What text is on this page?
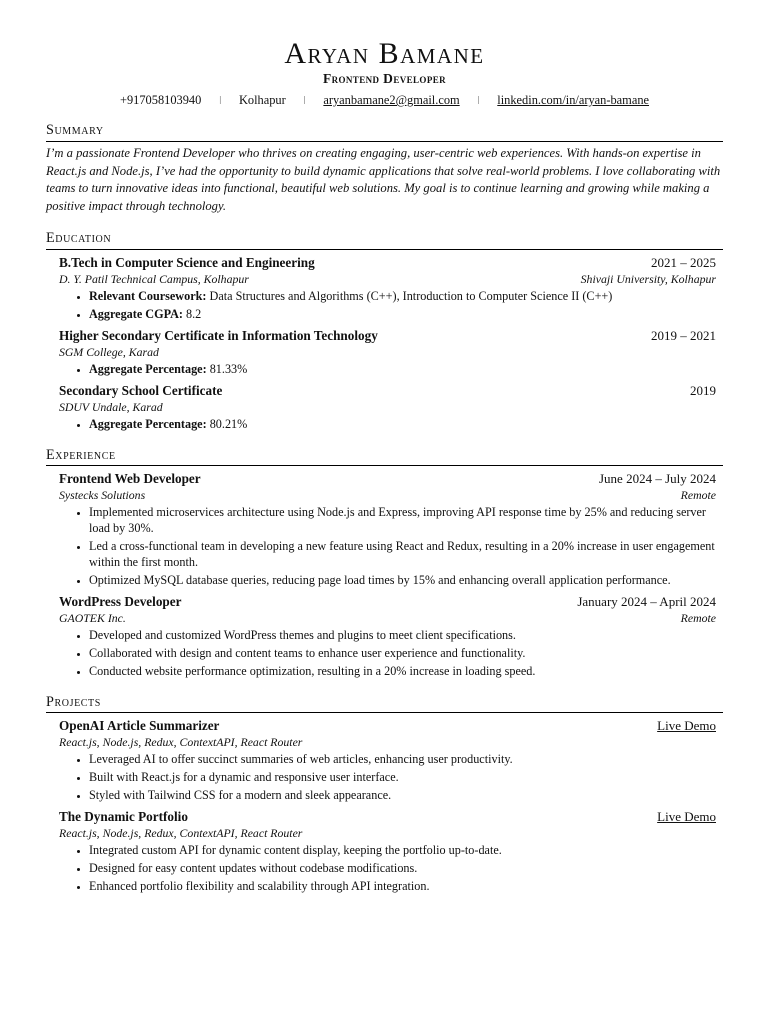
Aryan Bamane
Frontend Developer
+917058103940 | Kolhapur | aryanbamane2@gmail.com | linkedin.com/in/aryan-bamane
Summary
I’m a passionate Frontend Developer who thrives on creating engaging, user-centric web experiences. With hands-on expertise in React.js and Node.js, I’ve had the opportunity to build dynamic applications that solve real-world problems. I love collaborating with teams to turn innovative ideas into functional, beautiful web solutions. My goal is to continue learning and growing while making a positive impact through technology.
Education
B.Tech in Computer Science and Engineering	2021 – 2025
D. Y. Patil Technical Campus, Kolhapur	Shivaji University, Kolhapur
• Relevant Coursework: Data Structures and Algorithms (C++), Introduction to Computer Science II (C++)
• Aggregate CGPA: 8.2
Higher Secondary Certificate in Information Technology	2019 – 2021
SGM College, Karad
• Aggregate Percentage: 81.33%
Secondary School Certificate	2019
SDUV Undale, Karad
• Aggregate Percentage: 80.21%
Experience
Frontend Web Developer	June 2024 – July 2024
Systecks Solutions	Remote
• Implemented microservices architecture using Node.js and Express, improving API response time by 25% and reducing server load by 30%.
• Led a cross-functional team in developing a new feature using React and Redux, resulting in a 20% increase in user engagement within the first month.
• Optimized MySQL database queries, reducing page load times by 15% and enhancing overall application performance.
WordPress Developer	January 2024 – April 2024
GAOTEK Inc.	Remote
• Developed and customized WordPress themes and plugins to meet client specifications.
• Collaborated with design and content teams to enhance user experience and functionality.
• Conducted website performance optimization, resulting in a 20% increase in loading speed.
Projects
OpenAI Article Summarizer	Live Demo
React.js, Node.js, Redux, ContextAPI, React Router
• Leveraged AI to offer succinct summaries of web articles, enhancing user productivity.
• Built with React.js for a dynamic and responsive user interface.
• Styled with Tailwind CSS for a modern and sleek appearance.
The Dynamic Portfolio	Live Demo
React.js, Node.js, Redux, ContextAPI, React Router
• Integrated custom API for dynamic content display, keeping the portfolio up-to-date.
• Designed for easy content updates without codebase modifications.
• Enhanced portfolio flexibility and scalability through API integration.
